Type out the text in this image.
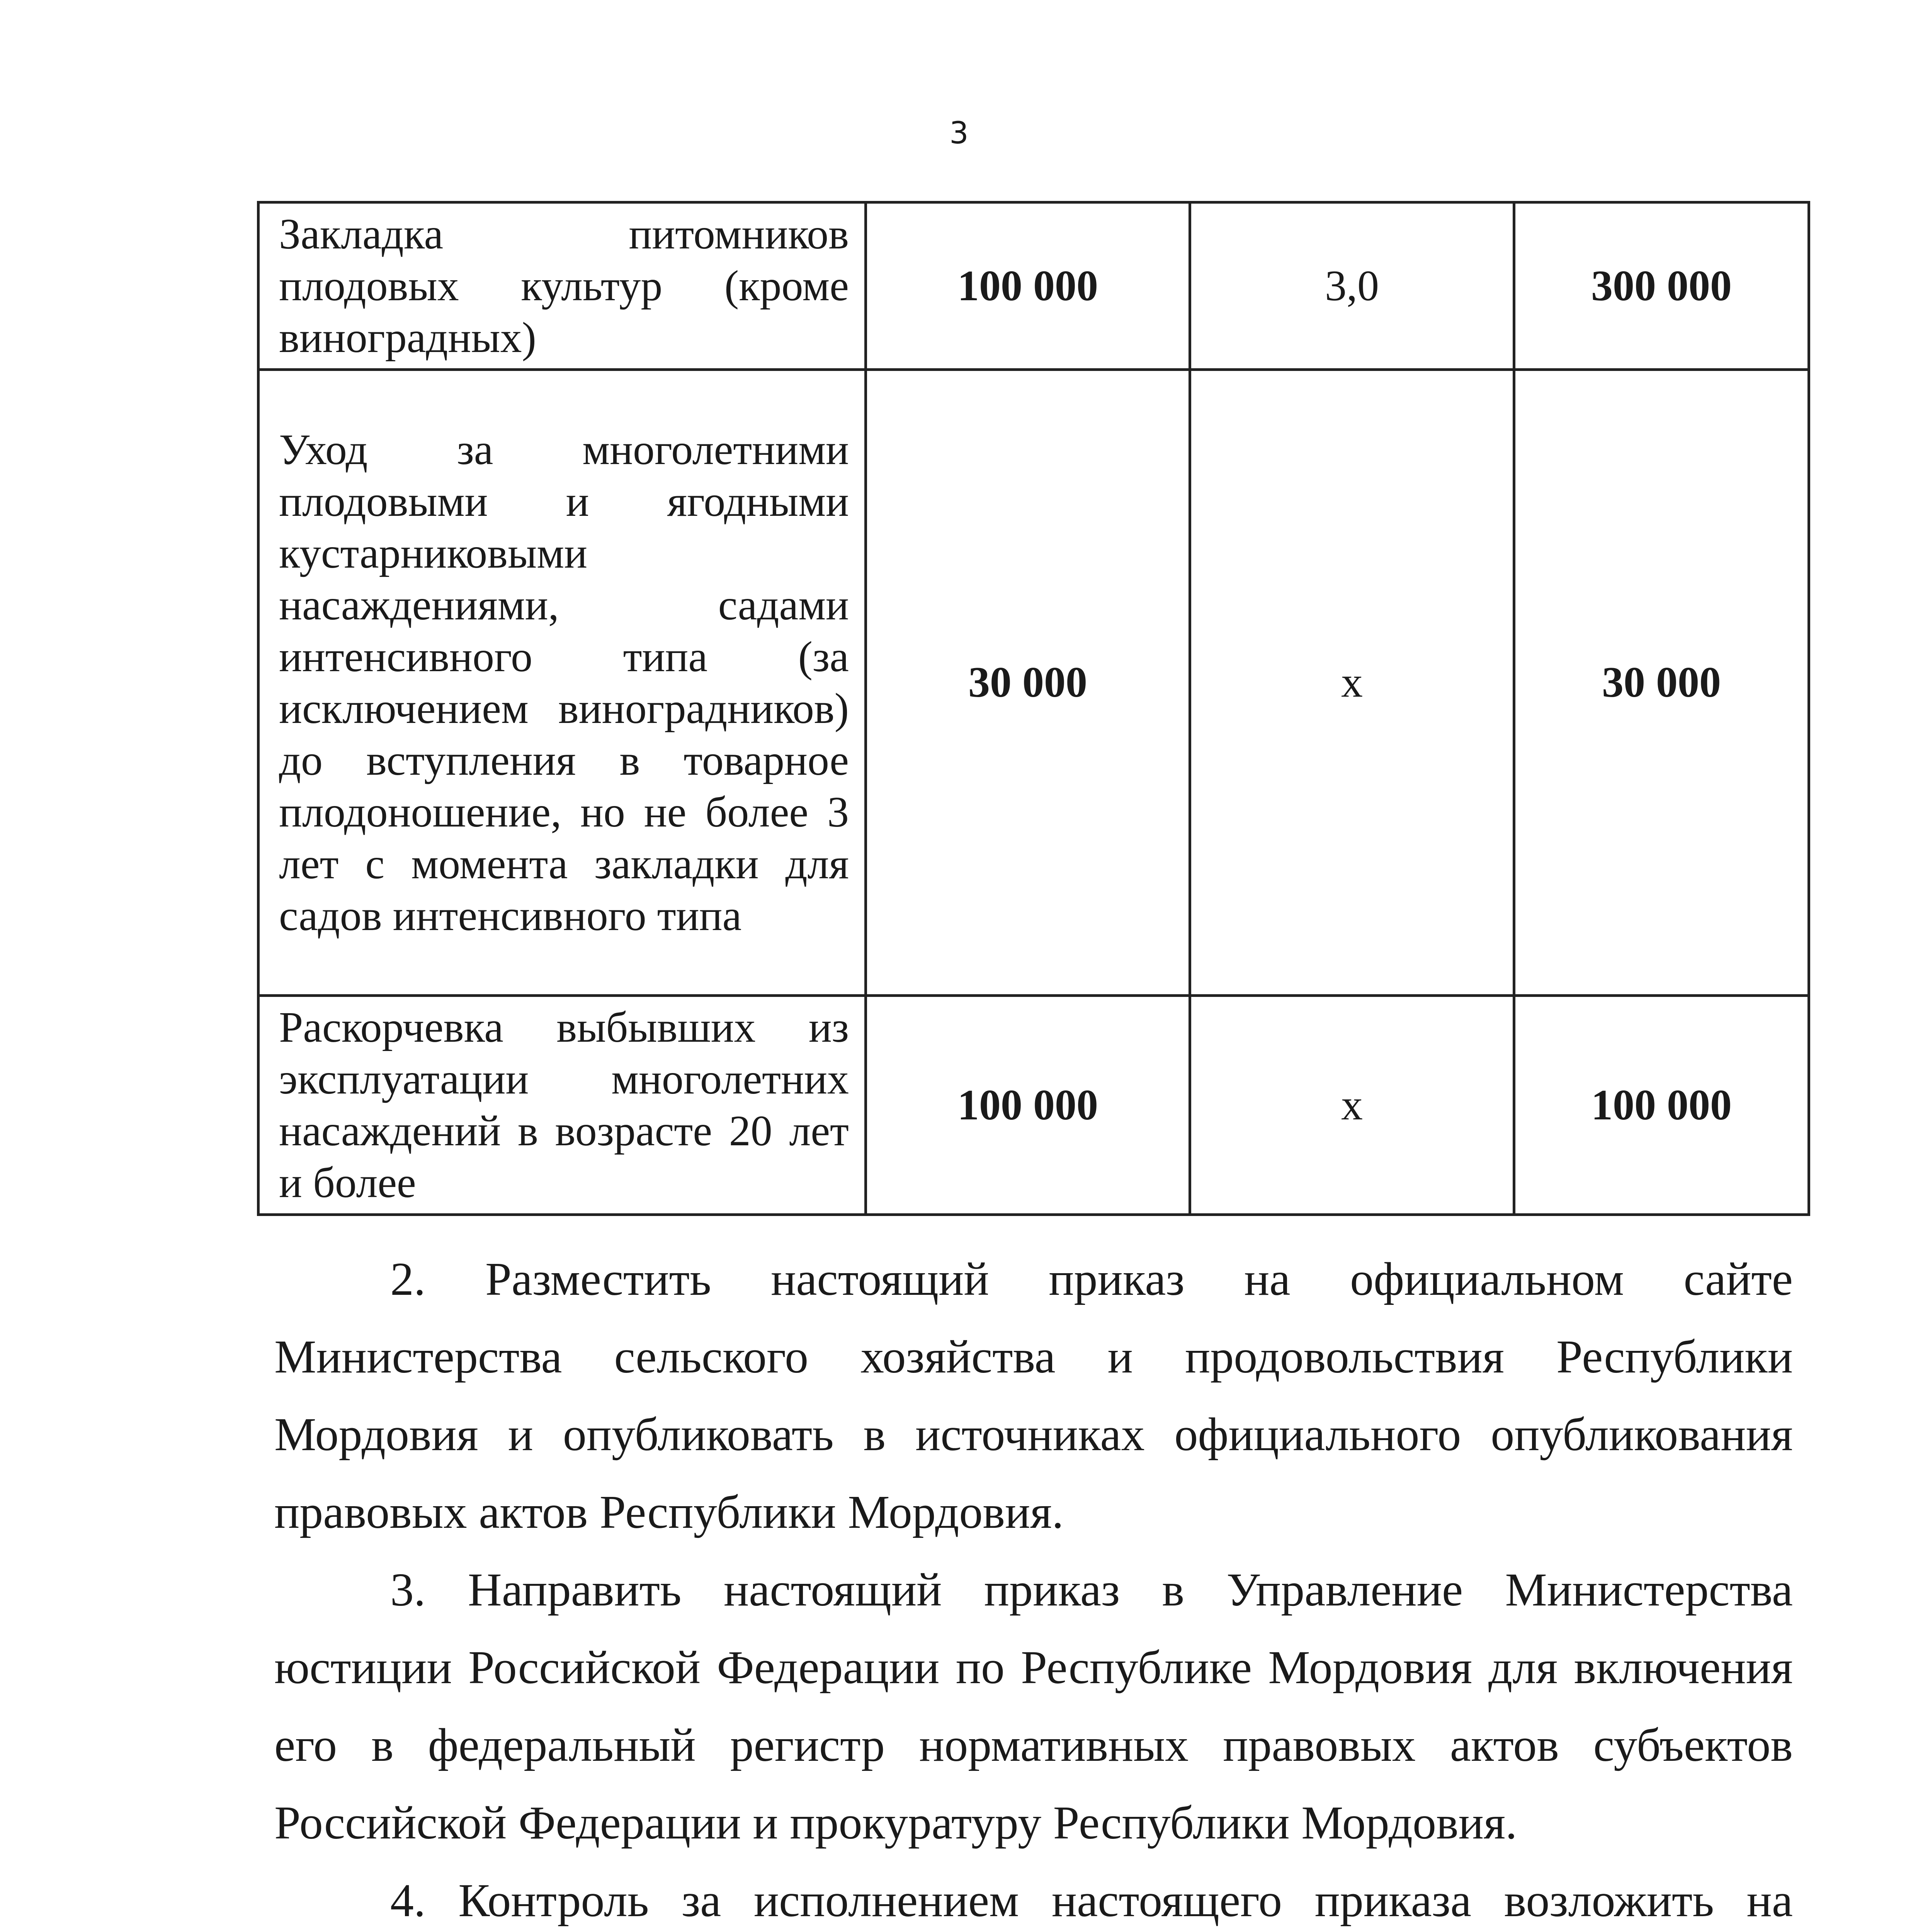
3
Закладка питомников плодовых культур (кроме виноградных)	100 000	3,0	300 000
Уход за многолетними плодовыми и ягодными кустарниковыми насаждениями, садами интенсивного типа (за исключением виноградников) до вступления в товарное плодоношение, но не более 3 лет с момента закладки для садов интенсивного типа	30 000	х	30 000
Раскорчевка выбывших из эксплуатации многолетних насаждений в возрасте 20 лет и более	100 000	х	100 000

2. Разместить настоящий приказ на официальном сайте Министерства сельского хозяйства и продовольствия Республики Мордовия и опубликовать в источниках официального опубликования правовых актов Республики Мордовия.

3. Направить настоящий приказ в Управление Министерства юстиции Российской Федерации по Республике Мордовия для включения его в федеральный регистр нормативных правовых актов субъектов Российской Федерации и прокуратуру Республики Мордовия.

4. Контроль за исполнением настоящего приказа возложить на
